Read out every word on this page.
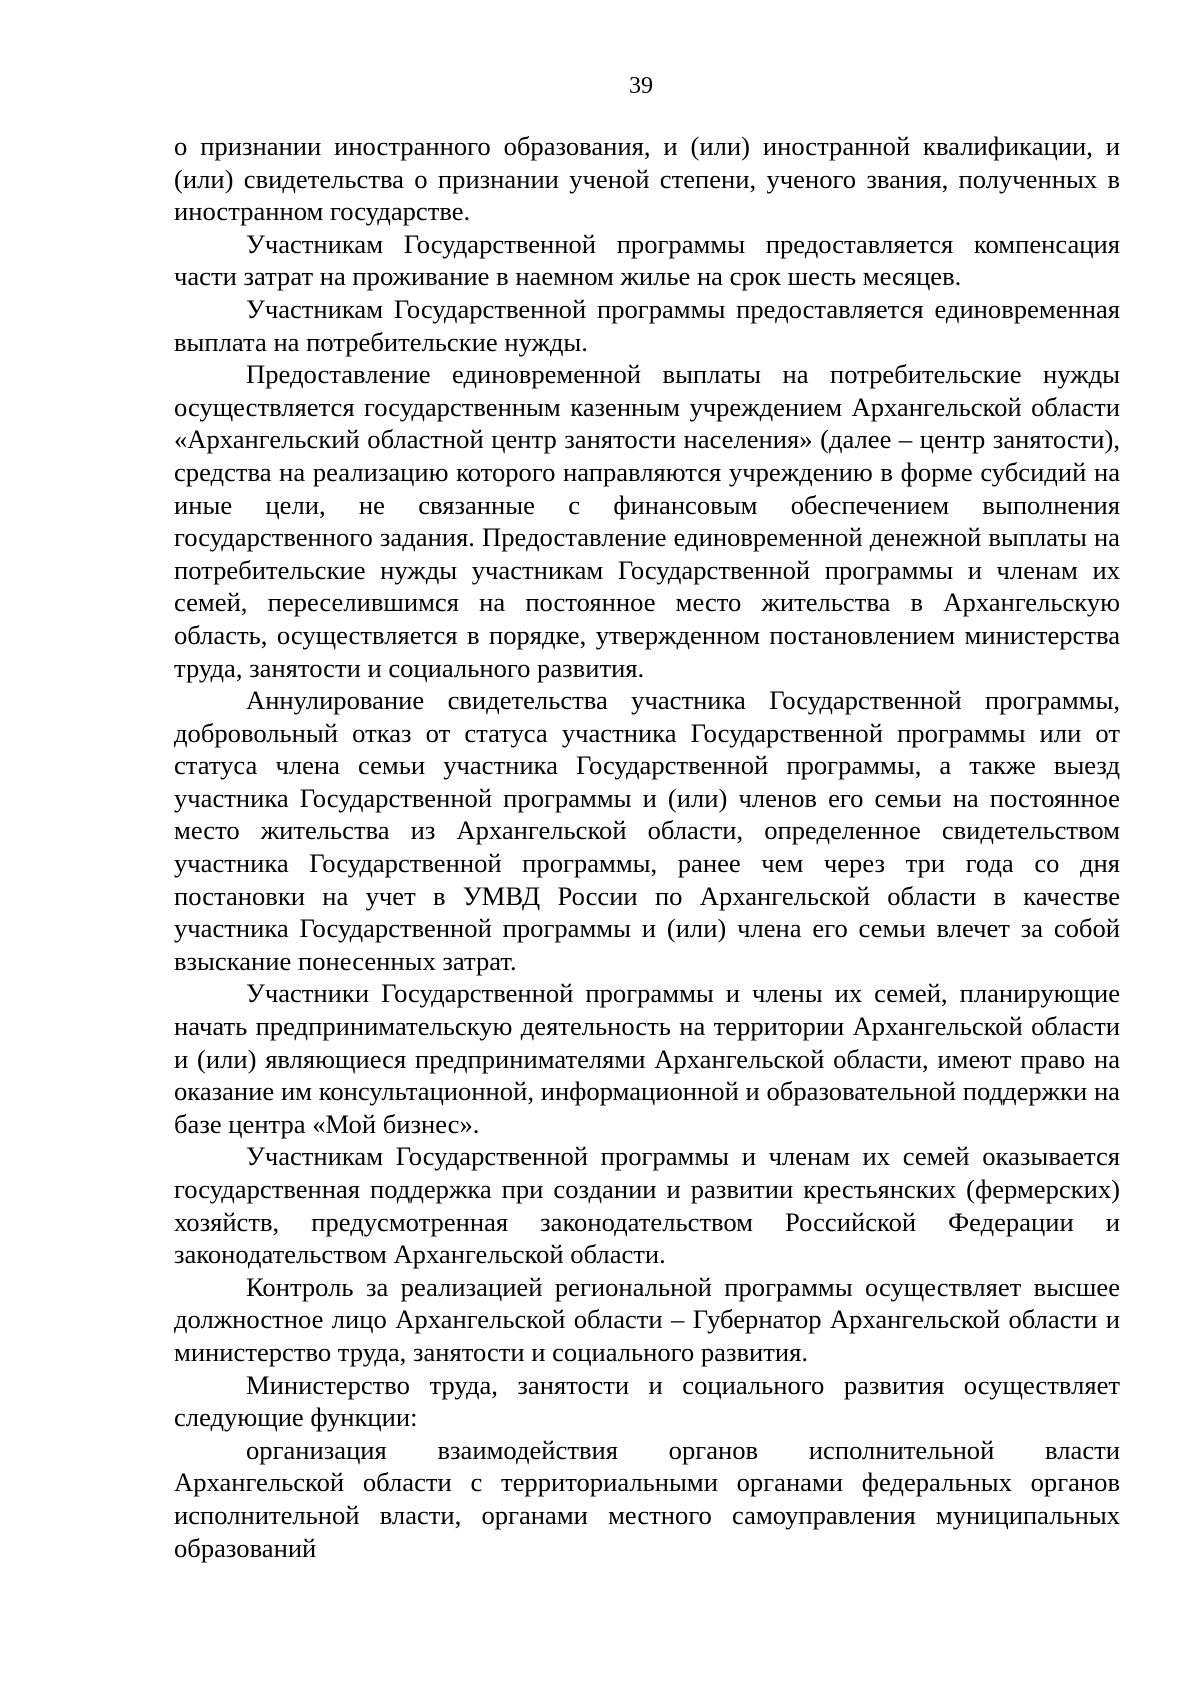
39

о признании иностранного образования, и (или) иностранной квалификации, и (или) свидетельства о признании ученой степени, ученого звания, полученных в иностранном государстве.

Участникам Государственной программы предоставляется компенсация части затрат на проживание в наемном жилье на срок шесть месяцев.

Участникам Государственной программы предоставляется единовременная выплата на потребительские нужды.

Предоставление единовременной выплаты на потребительские нужды осуществляется государственным казенным учреждением Архангельской области «Архангельский областной центр занятости населения» (далее – центр занятости), средства на реализацию которого направляются учреждению в форме субсидий на иные цели, не связанные с финансовым обеспечением выполнения государственного задания. Предоставление единовременной денежной выплаты на потребительские нужды участникам Государственной программы и членам их семей, переселившимся на постоянное место жительства в Архангельскую область, осуществляется в порядке, утвержденном постановлением министерства труда, занятости и социального развития.

Аннулирование свидетельства участника Государственной программы, добровольный отказ от статуса участника Государственной программы или от статуса члена семьи участника Государственной программы, а также выезд участника Государственной программы и (или) членов его семьи на постоянное место жительства из Архангельской области, определенное свидетельством участника Государственной программы, ранее чем через три года со дня постановки на учет в УМВД России по Архангельской области в качестве участника Государственной программы и (или) члена его семьи влечет за собой взыскание понесенных затрат.

Участники Государственной программы и члены их семей, планирующие начать предпринимательскую деятельность на территории Архангельской области и (или) являющиеся предпринимателями Архангельской области, имеют право на оказание им консультационной, информационной и образовательной поддержки на базе центра «Мой бизнес».

Участникам Государственной программы и членам их семей оказывается государственная поддержка при создании и развитии крестьянских (фермерских) хозяйств, предусмотренная законодательством Российской Федерации и законодательством Архангельской области.

Контроль за реализацией региональной программы осуществляет высшее должностное лицо Архангельской области – Губернатор Архангельской области и министерство труда, занятости и социального развития.

Министерство труда, занятости и социального развития осуществляет следующие функции:

организация взаимодействия органов исполнительной власти Архангельской области с территориальными органами федеральных органов исполнительной власти, органами местного самоуправления муниципальных образований
